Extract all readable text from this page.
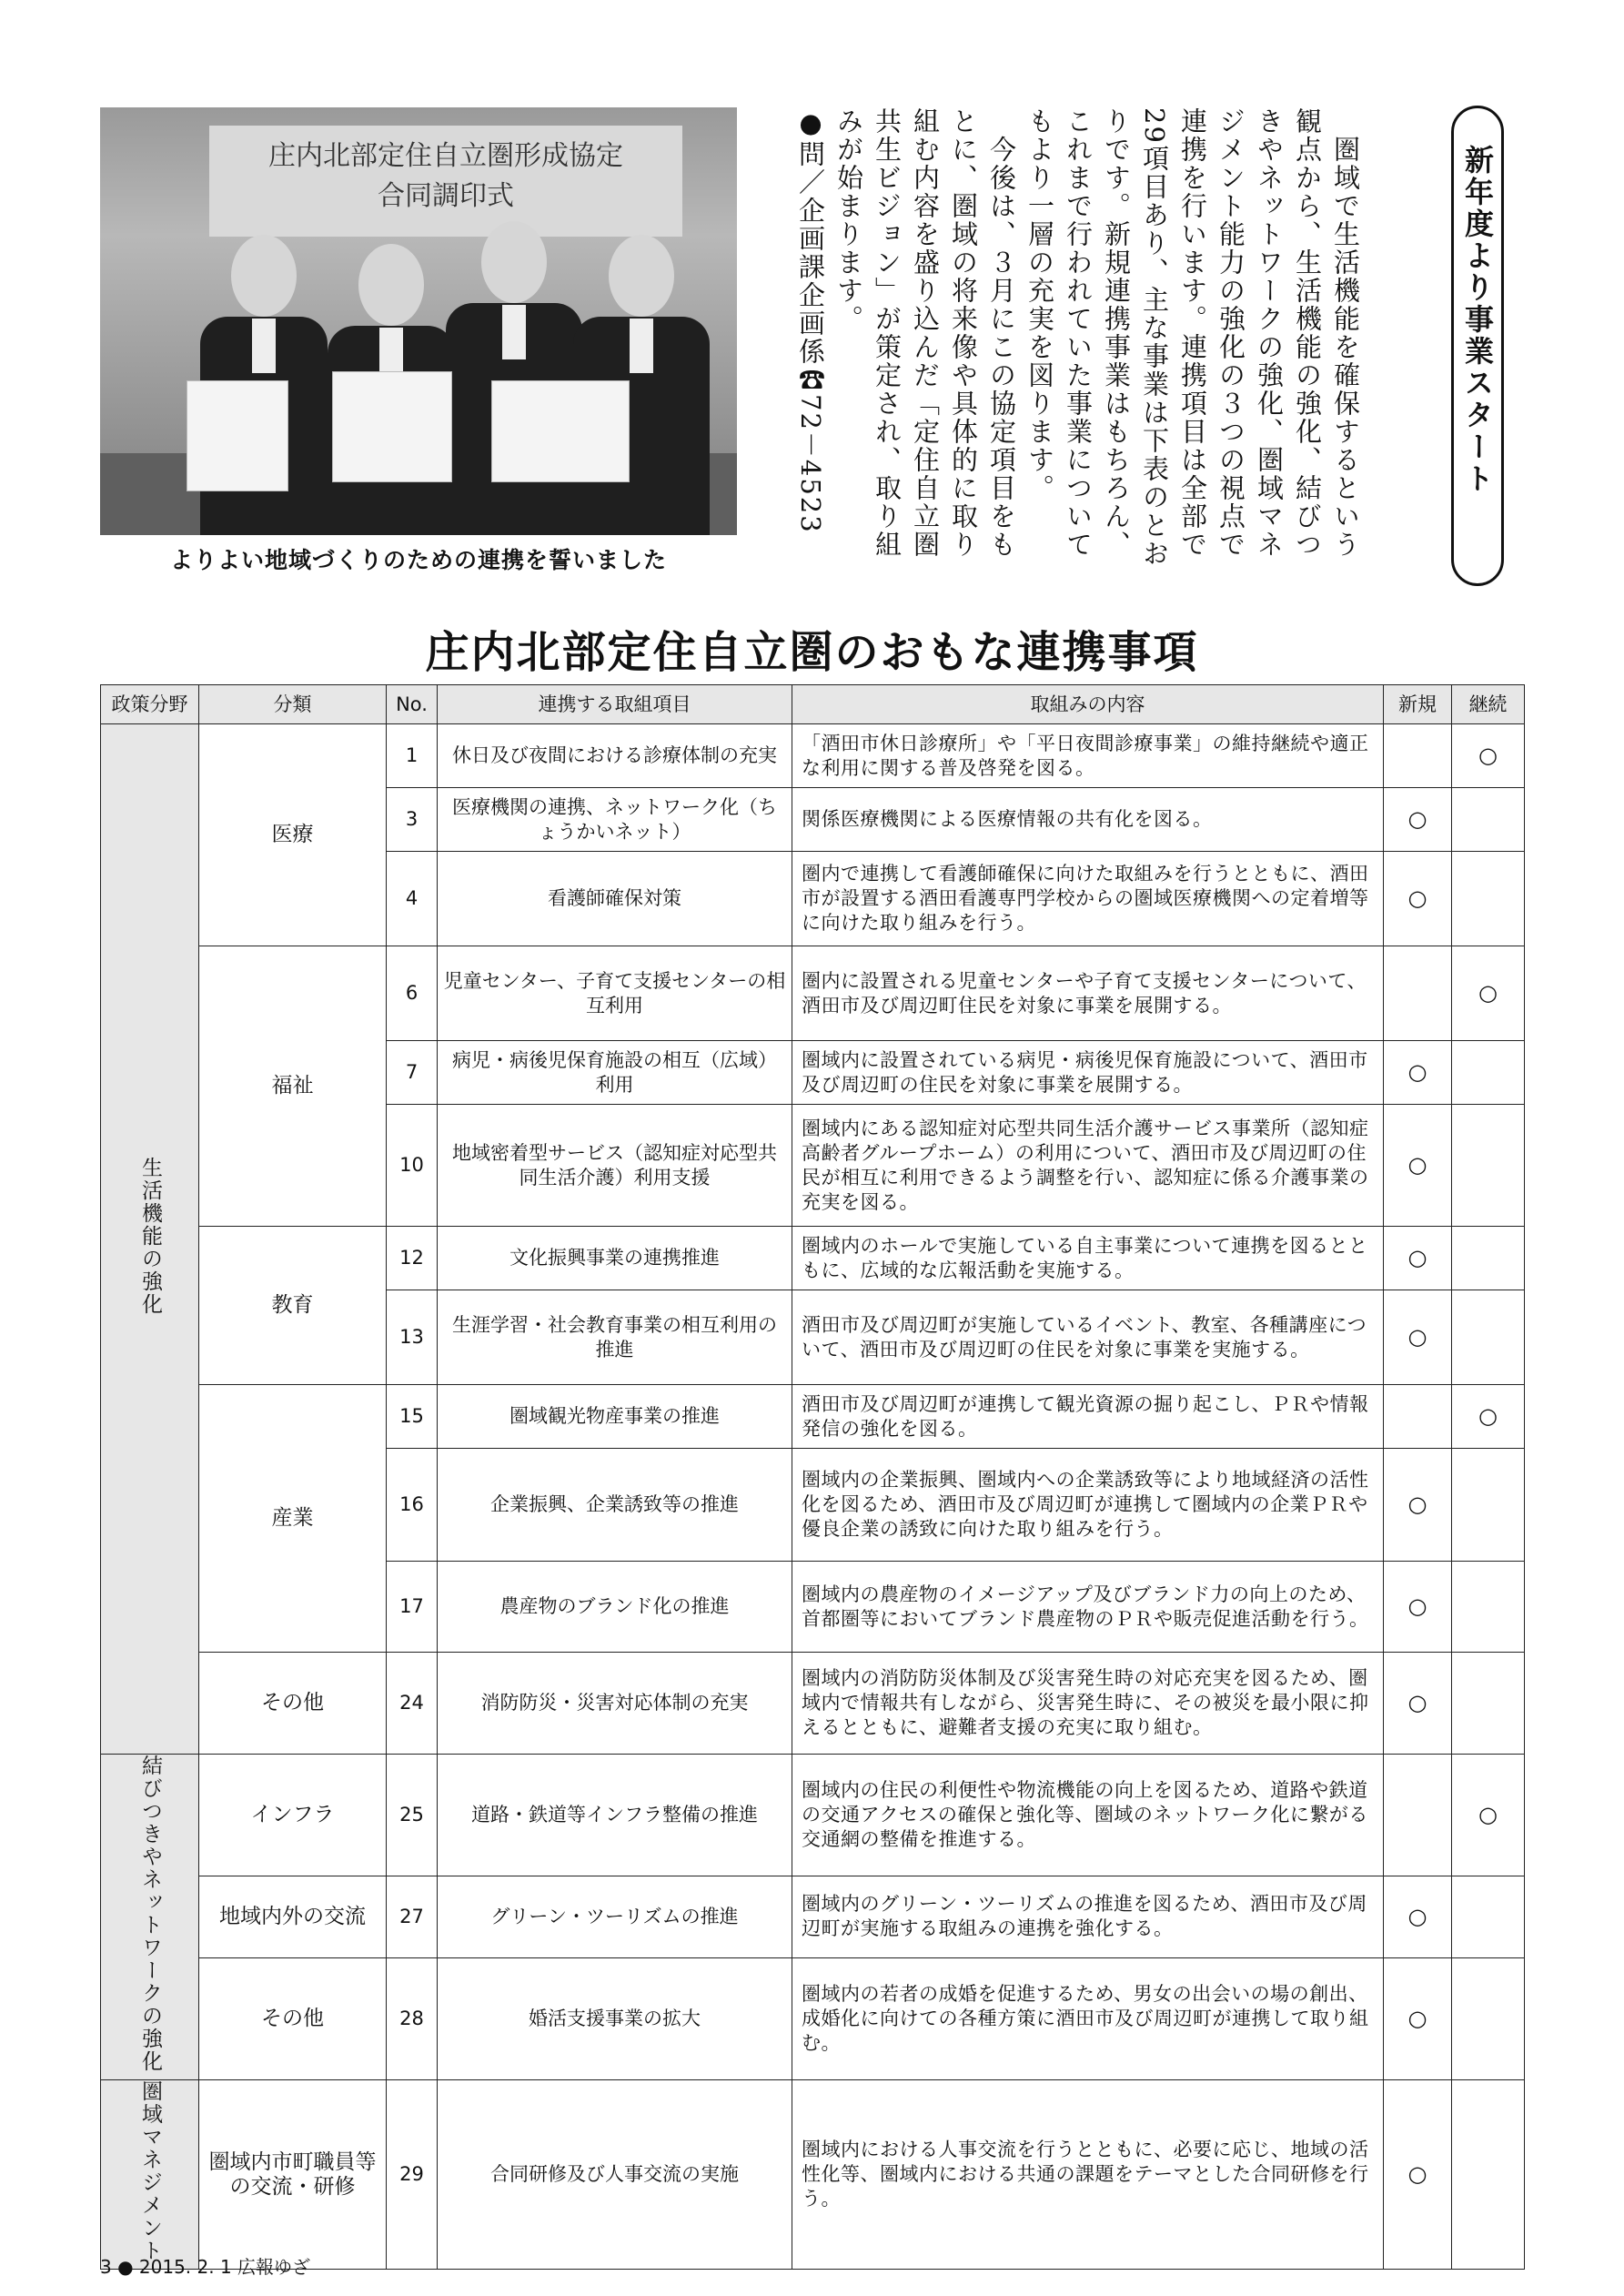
庄内北部定住自立圏形成協定
合同調印式
よりよい地域づくりのための連携を誓いました
　圏域で生活機能を確保するという
観点から、生活機能の強化、結びつ
きやネットワークの強化、圏域マネ
ジメント能力の強化の３つの視点で
連携を行います。連携項目は全部で
29項目あり、主な事業は下表のとお
りです。新規連携事業はもちろん、
これまで行われていた事業について
もより一層の充実を図ります。
　今後は、３月にこの協定項目をも
とに、圏域の将来像や具体的に取り
組む内容を盛り込んだ「定住自立圏
共生ビジョン」が策定され、取り組
みが始まります。
●問／企画課企画係☎72－4523	新年度より事業スタート
庄内北部定住自立圏のおもな連携事項
政策分野	分類	No.	連携する取組項目	取組みの内容	新規	継続
生活機能の強化	医療	1	休日及び夜間における診療体制の充実	「酒田市休日診療所」や「平日夜間診療事業」の維持継続や適正な利用に関する普及啓発を図る。		○
		3	医療機関の連携、ネットワーク化（ちょうかいネット）	関係医療機関による医療情報の共有化を図る。	○	
		4	看護師確保対策	圏内で連携して看護師確保に向けた取組みを行うとともに、酒田市が設置する酒田看護専門学校からの圏域医療機関への定着増等に向けた取り組みを行う。	○	
	福祉	6	児童センター、子育て支援センターの相互利用	圏内に設置される児童センターや子育て支援センターについて、酒田市及び周辺町住民を対象に事業を展開する。		○
		7	病児・病後児保育施設の相互（広域）利用	圏域内に設置されている病児・病後児保育施設について、酒田市及び周辺町の住民を対象に事業を展開する。	○	
		10	地域密着型サービス（認知症対応型共同生活介護）利用支援	圏域内にある認知症対応型共同生活介護サービス事業所（認知症高齢者グループホーム）の利用について、酒田市及び周辺町の住民が相互に利用できるよう調整を行い、認知症に係る介護事業の充実を図る。	○	
	教育	12	文化振興事業の連携推進	圏域内のホールで実施している自主事業について連携を図るとともに、広域的な広報活動を実施する。	○	
		13	生涯学習・社会教育事業の相互利用の推進	酒田市及び周辺町が実施しているイベント、教室、各種講座について、酒田市及び周辺町の住民を対象に事業を実施する。	○	
	産業	15	圏域観光物産事業の推進	酒田市及び周辺町が連携して観光資源の掘り起こし、ＰＲや情報発信の強化を図る。		○
		16	企業振興、企業誘致等の推進	圏域内の企業振興、圏域内への企業誘致等により地域経済の活性化を図るため、酒田市及び周辺町が連携して圏域内の企業ＰＲや優良企業の誘致に向けた取り組みを行う。	○	
		17	農産物のブランド化の推進	圏域内の農産物のイメージアップ及びブランド力の向上のため、首都圏等においてブランド農産物のＰＲや販売促進活動を行う。	○	
	その他	24	消防防災・災害対応体制の充実	圏域内の消防防災体制及び災害発生時の対応充実を図るため、圏域内で情報共有しながら、災害発生時に、その被災を最小限に抑えるとともに、避難者支援の充実に取り組む。	○	
結びつきやネットワークの強化	インフラ	25	道路・鉄道等インフラ整備の推進	圏域内の住民の利便性や物流機能の向上を図るため、道路や鉄道の交通アクセスの確保と強化等、圏域のネットワーク化に繋がる交通網の整備を推進する。		○
	地域内外の交流	27	グリーン・ツーリズムの推進	圏域内のグリーン・ツーリズムの推進を図るため、酒田市及び周辺町が実施する取組みの連携を強化する。	○	
	その他	28	婚活支援事業の拡大	圏域内の若者の成婚を促進するため、男女の出会いの場の創出、成婚化に向けての各種方策に酒田市及び周辺町が連携して取り組む。	○	
圏域マネジメント	圏域内市町職員等の交流・研修	29	合同研修及び人事交流の実施	圏域内における人事交流を行うとともに、必要に応じ、地域の活性化等、圏域内における共通の課題をテーマとした合同研修を行う。	○	
3 ● 2015. 2. 1 広報ゆざ
